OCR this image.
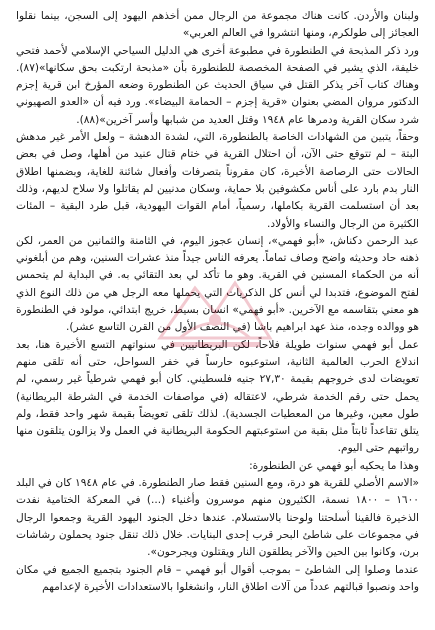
ولبنان والأردن. كانت هناك مجموعة من الرجال ممن أخذهم اليهود إلى السجن، بينما نقلوا العجائز إلى طولكرم، ومنها انتشروا في العالم العربي»

ورد ذكر المذبحة في الطنطورة في مطبوعة أخرى هي الدليل السياحي الإسلامي لأحمد فتحي خليفة، الذي يشير في الصفحة المخصصة للطنطورة بأن «مذبحة ارتكبت بحق سكانها»(٨٧). وهناك كتاب آخر يذكر القتل في سياق الحديث عن الطنطورة وضعه المؤرخ ابن قرية إجزم الدكتور مروان المضي بعنوان «قرية إجزم – الحمامة البيضاء». ورد فيه أن «العدو الصهيوني شرد سكان القرية ودمرها عام ١٩٤٨ وقتل العديد من شبابها وأسر آخرين»(٨٨).

وحقاً، يتبين من الشهادات الخاصة بالطنطورة، التي، لشدة الدهشة – ولعل الأمر غير مدهش البتة – لم تتوقع حتى الآن، أن احتلال القرية في ختام قتال عنيد من أهلها، وصل في بعض الحالات حتى الرصاصة الأخيرة، كان مقروناً بتصرفات وأفعال شائنة للغاية، وبضمنها اطلاق النار بدم بارد على أناس مكشوفين بلا حماية، وسكان مدنيين لم يقاتلوا ولا سلاح لديهم، وذلك بعد أن استسلمت القرية بكاملها، رسمياً، أمام القوات اليهودية، قبل طرد البقية – المئات الكثيرة من الرجال والنساء والأولاد.

عبد الرحمن دكناش، «أبو فهمي»، إنسان عجوز اليوم، في الثامنة والثمانين من العمر، لكن ذهنه حاد وحديثه واضح وصاف تماماً. يعرفه الناس جيداً منذ عشرات السنين، وهم من أبلغوني أنه من الحكماء المسنين في القرية. وهو ما تأكد لي بعد التقائي به. في البداية لم يتحمس لفتح الموضوع، فتدبدا لي أنس كل الذكريات التي يحملها معه الرجل هي من ذلك النوع الذي هو معني بتقاسمه مع الآخرين. «أبو فهمي» انسان بسيط، خريج ابتدائي، مولود في الطنطورة هو ووالده وجده، منذ عهد ابراهيم باشا (في النصف الأول من القرن التاسع عشر).

عمل أبو فهمي سنوات طويلة فلاحاً، لكن البريطانيين في سنواتهم التسع الأخيرة هنا، بعد اندلاع الحرب العالمية الثانية، استوعبوه حارساً في خفر السواحل، حتى أنه تلقى منهم تعويضات لدى خروجهم بقيمة ٢٧,٣٠ جنيه فلسطيني. كان أبو فهمي شرطياً غير رسمي، لم يحمل حتى رقم الخدمة شرطي، لاعتقاله (في مواصفات الخدمة في الشرطة البريطانية) طول معين، وغيرها من المعطيات الجسدية). لذلك تلقى تعويضاً بقيمة شهر واحد فقط، ولم يتلق تقاعداً ثابتاً مثل بقية من استوعبتهم الحكومة البريطانية في العمل ولا يزالون يتلقون منها رواتبهم حتى اليوم.

وهذا ما يحكيه أبو فهمي عن الطنطورة:

«الاسم الأصلي للقرية هو درة، ومع السنين فقط صار الطنطورة. في عام ١٩٤٨ كان في البلد ١٦٠٠ – ١٨٠٠ نسمة، الكثيرون منهم موسرون وأغنياء (...) في المعركة الختامية نفدت الذخيرة فالقينا أسلحتنا ولوحنا بالاستسلام. عندها دخل الجنود اليهود القرية وجمعوا الرجال في مجموعات على شاطئ البحر قرب إحدى البنايات. خلال ذلك تنقل جنود يحملون رشاشات برن، وكانوا بين الحين والآخر يطلقون النار ويقتلون ويجرحون».

عندما وصلوا إلى الشاطئ – بموجب أقوال أبو فهمي – قام الجنود بتجميع الجميع في مكان واحد ونصبوا قبالتهم عدداً من آلات اطلاق النار، وانشغلوا بالاستعدادات الأخيرة لإعدامهم
